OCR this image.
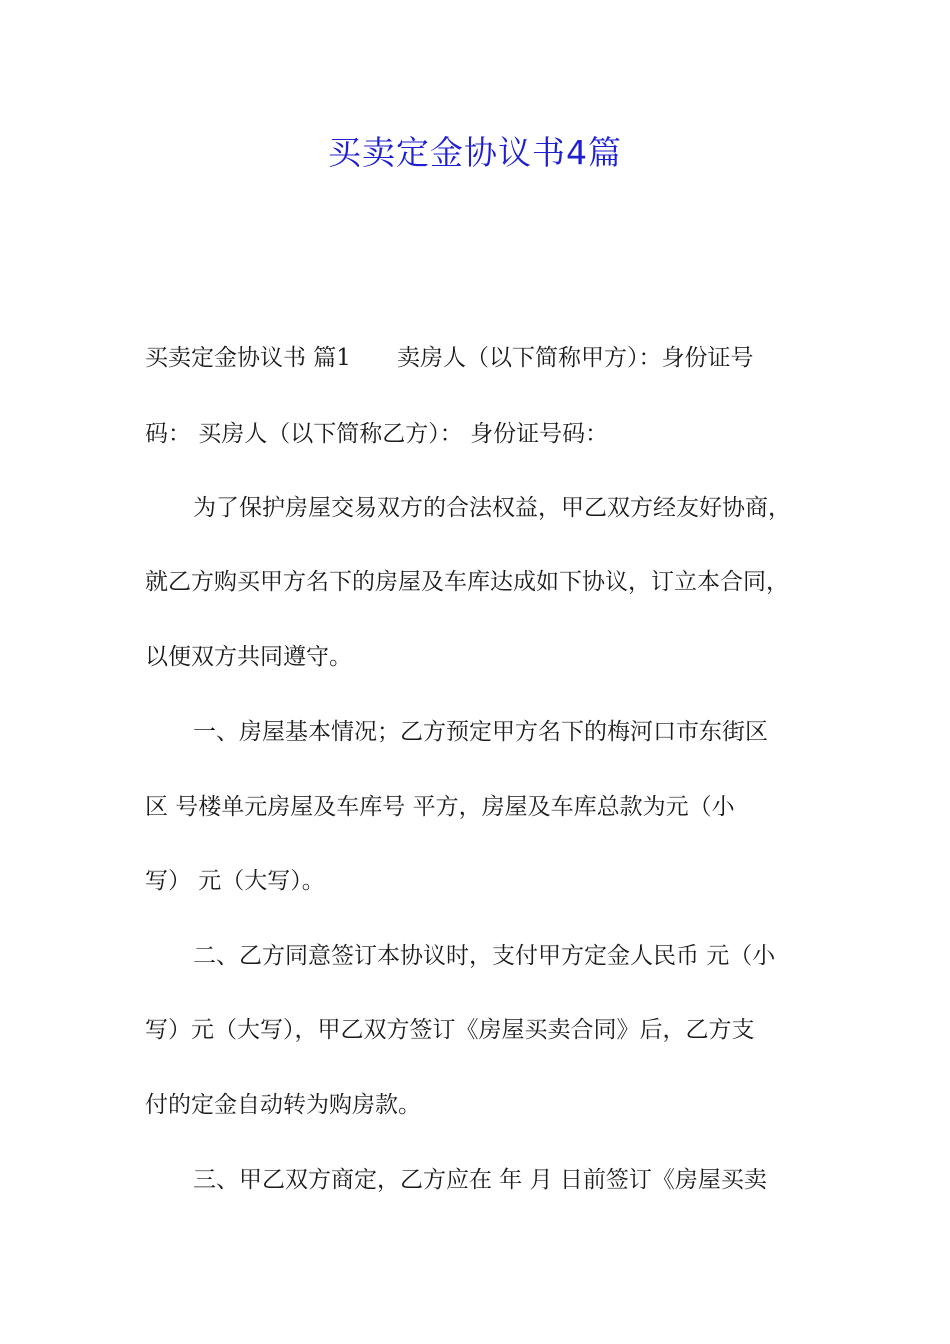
买卖定金协议书4篇

买卖定金协议书 篇1　　卖房人（以下简称甲方）：身份证号

码： 买房人（以下简称乙方）： 身份证号码：

为了保护房屋交易双方的合法权益，甲乙双方经友好协商，

就乙方购买甲方名下的房屋及车库达成如下协议，订立本合同，

以便双方共同遵守。

一、房屋基本情况；乙方预定甲方名下的梅河口市东街区

区 号楼单元房屋及车库号 平方，房屋及车库总款为元（小

写） 元（大写）。

二、乙方同意签订本协议时，支付甲方定金人民币 元（小

写）元（大写），甲乙双方签订《房屋买卖合同》后，乙方支

付的定金自动转为购房款。

三、甲乙双方商定，乙方应在 年 月 日前签订《房屋买卖
